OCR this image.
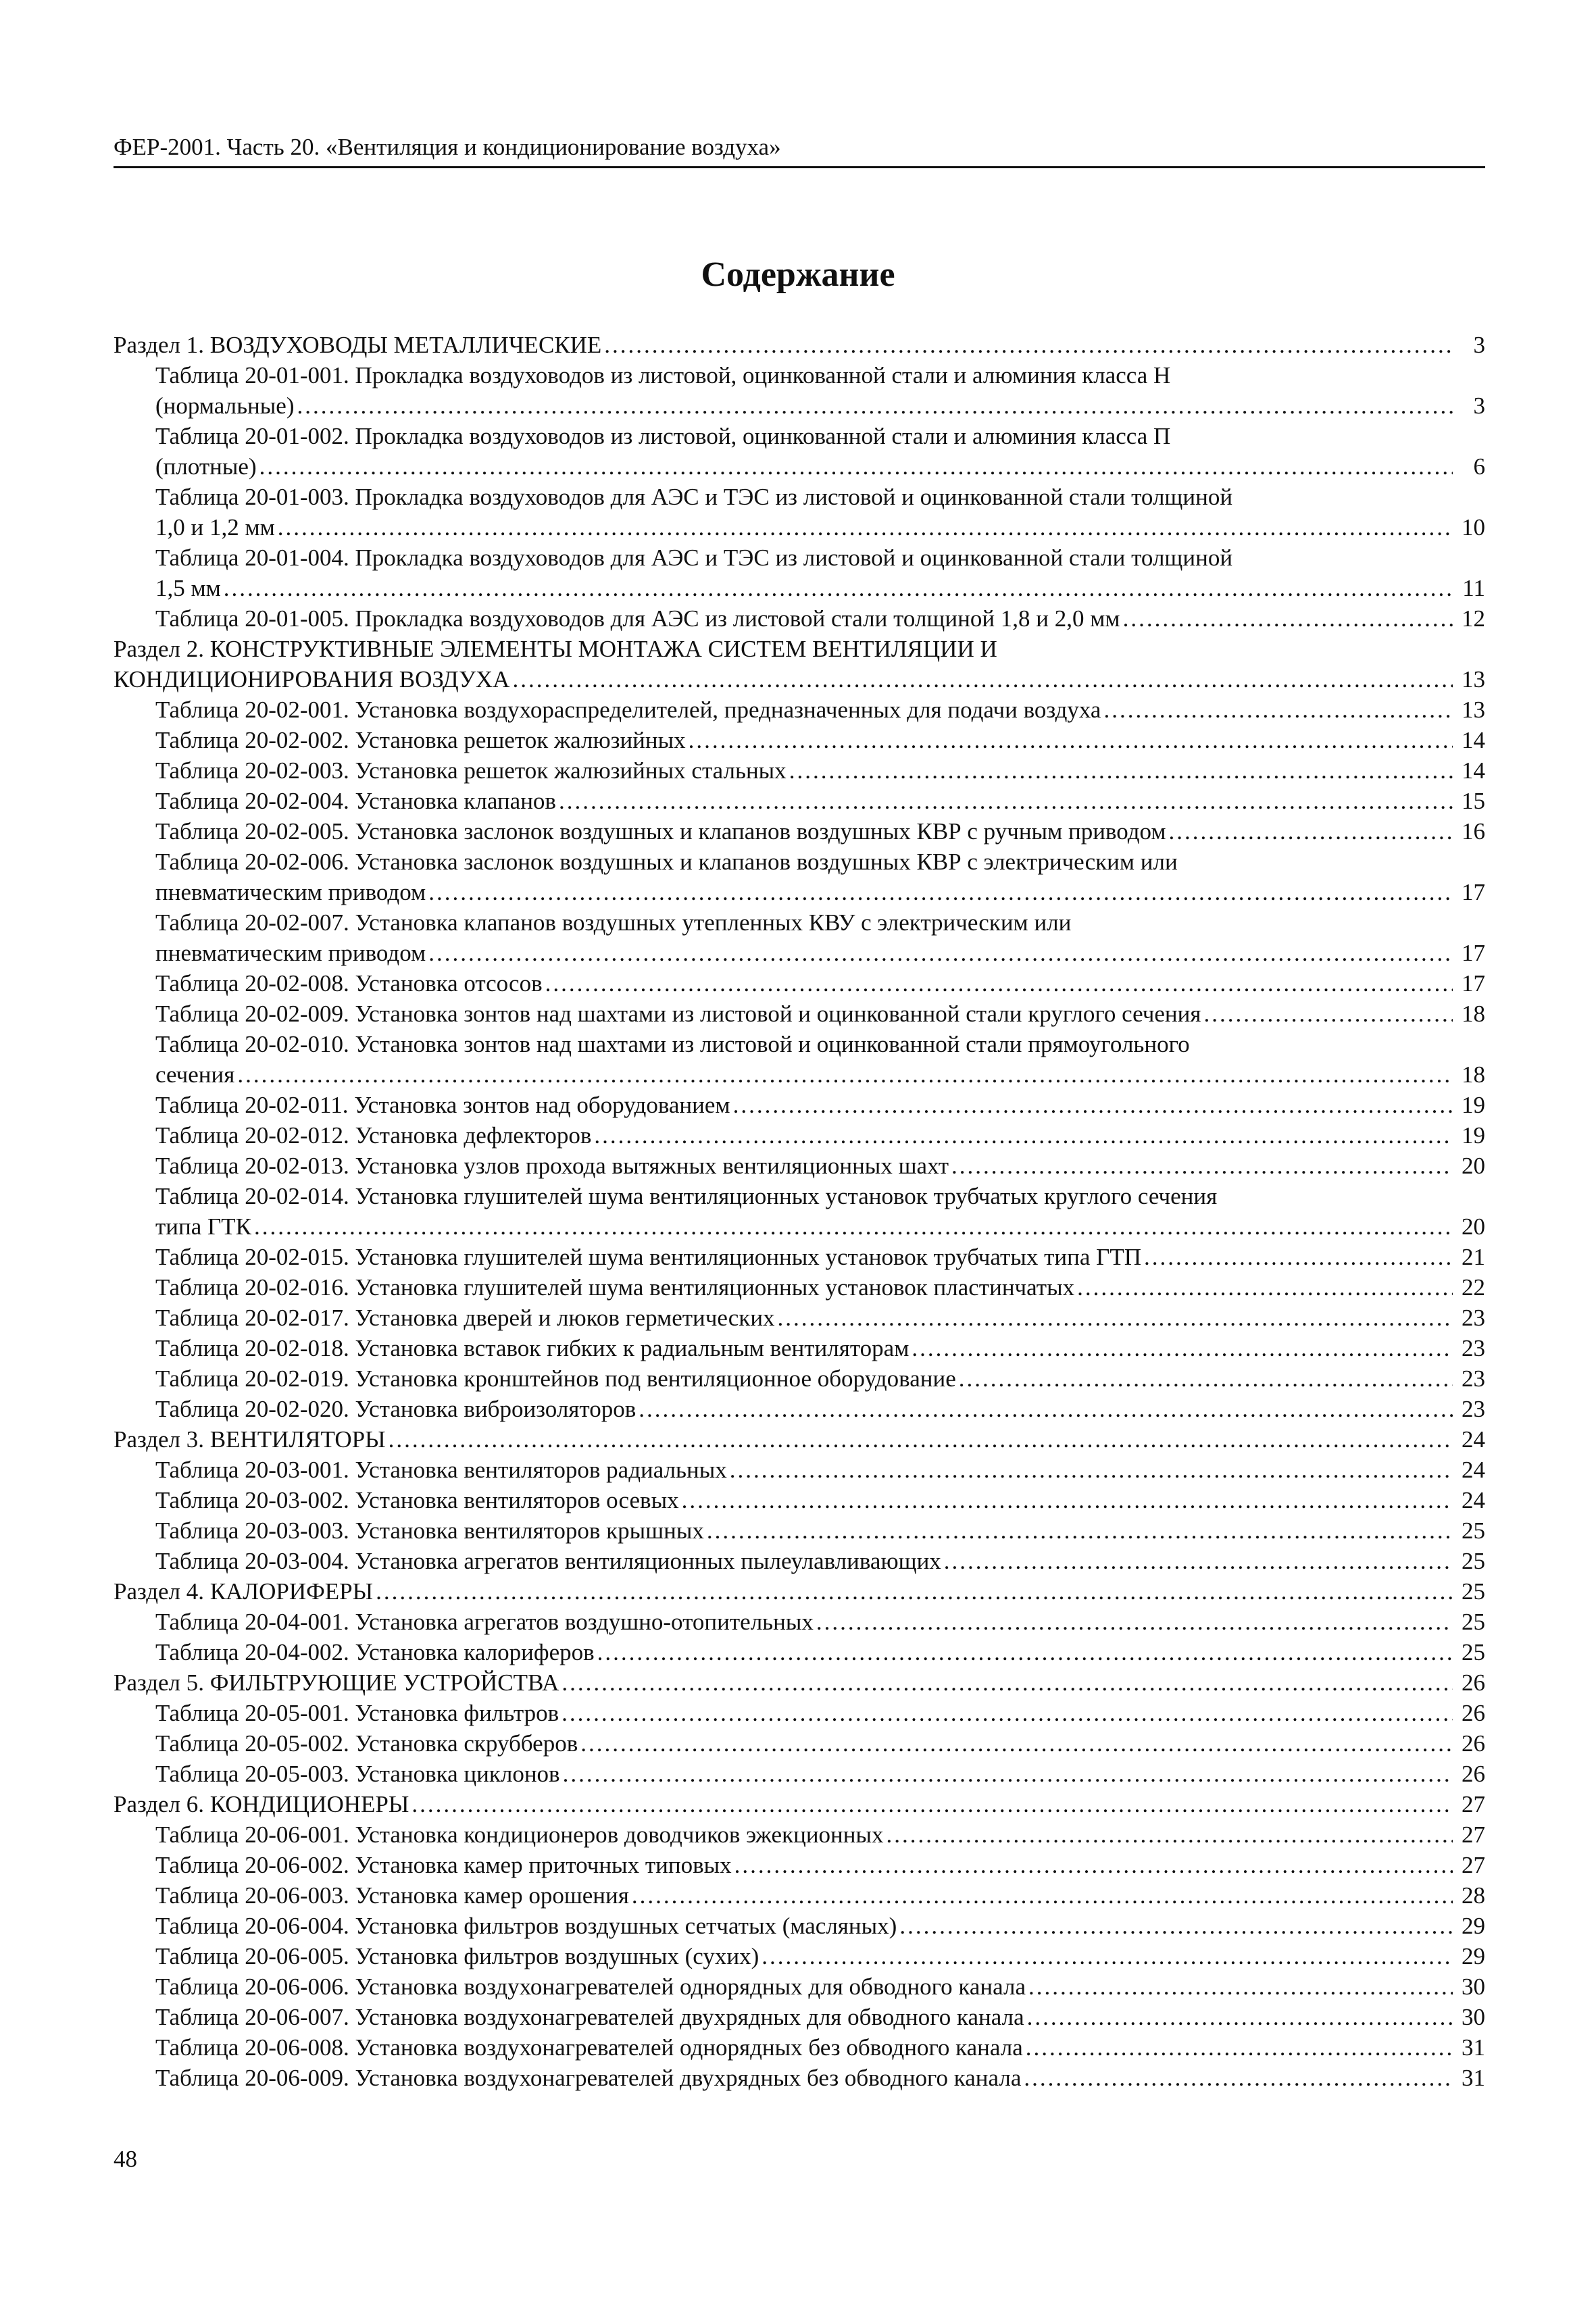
ФЕР-2001. Часть 20. «Вентиляция и кондиционирование воздуха»
Содержание
Раздел 1. ВОЗДУХОВОДЫ МЕТАЛЛИЧЕСКИЕ .....	3
Таблица 20-01-001. Прокладка воздуховодов из листовой, оцинкованной стали и алюминия класса Н
(нормальные) .....	3
Таблица 20-01-002. Прокладка воздуховодов из листовой, оцинкованной стали и алюминия класса П
(плотные) .....	6
Таблица 20-01-003. Прокладка воздуховодов для АЭС и ТЭС из листовой и оцинкованной стали толщиной
1,0 и 1,2 мм .....	10
Таблица 20-01-004. Прокладка воздуховодов для АЭС и ТЭС из листовой и оцинкованной стали толщиной
1,5 мм .....	11
Таблица 20-01-005. Прокладка воздуховодов для АЭС из листовой стали толщиной 1,8 и 2,0 мм .....	12
Раздел 2. КОНСТРУКТИВНЫЕ ЭЛЕМЕНТЫ МОНТАЖА СИСТЕМ ВЕНТИЛЯЦИИ И
КОНДИЦИОНИРОВАНИЯ ВОЗДУХА .....	13
Таблица 20-02-001. Установка воздухораспределителей, предназначенных для подачи воздуха .....	13
Таблица 20-02-002. Установка решеток жалюзийных .....	14
Таблица 20-02-003. Установка решеток жалюзийных стальных .....	14
Таблица 20-02-004. Установка клапанов .....	15
Таблица 20-02-005. Установка заслонок воздушных и клапанов воздушных КВР с ручным приводом .....	16
Таблица 20-02-006. Установка заслонок воздушных и клапанов воздушных КВР с электрическим или
пневматическим приводом .....	17
Таблица 20-02-007. Установка клапанов воздушных утепленных КВУ с электрическим или
пневматическим приводом .....	17
Таблица 20-02-008. Установка отсосов .....	17
Таблица 20-02-009. Установка зонтов над шахтами из листовой и оцинкованной стали круглого сечения .....	18
Таблица 20-02-010. Установка зонтов над шахтами из листовой и оцинкованной стали прямоугольного
сечения .....	18
Таблица 20-02-011. Установка зонтов над оборудованием .....	19
Таблица 20-02-012. Установка дефлекторов .....	19
Таблица 20-02-013. Установка узлов прохода вытяжных вентиляционных шахт .....	20
Таблица 20-02-014. Установка глушителей шума вентиляционных установок трубчатых круглого сечения
типа ГТК .....	20
Таблица 20-02-015. Установка глушителей шума вентиляционных установок трубчатых типа ГТП .....	21
Таблица 20-02-016. Установка глушителей шума вентиляционных установок пластинчатых .....	22
Таблица 20-02-017. Установка дверей и люков герметических .....	23
Таблица 20-02-018. Установка вставок гибких к радиальным вентиляторам .....	23
Таблица 20-02-019. Установка кронштейнов под вентиляционное оборудование .....	23
Таблица 20-02-020. Установка виброизоляторов .....	23
Раздел 3. ВЕНТИЛЯТОРЫ .....	24
Таблица 20-03-001. Установка вентиляторов радиальных .....	24
Таблица 20-03-002. Установка вентиляторов осевых .....	24
Таблица 20-03-003. Установка вентиляторов крышных .....	25
Таблица 20-03-004. Установка агрегатов вентиляционных пылеулавливающих .....	25
Раздел 4. КАЛОРИФЕРЫ .....	25
Таблица 20-04-001. Установка агрегатов воздушно-отопительных .....	25
Таблица 20-04-002. Установка калориферов .....	25
Раздел 5. ФИЛЬТРУЮЩИЕ УСТРОЙСТВА .....	26
Таблица 20-05-001. Установка фильтров .....	26
Таблица 20-05-002. Установка скрубберов .....	26
Таблица 20-05-003. Установка циклонов .....	26
Раздел 6. КОНДИЦИОНЕРЫ .....	27
Таблица 20-06-001. Установка кондиционеров доводчиков эжекционных .....	27
Таблица 20-06-002. Установка камер приточных типовых .....	27
Таблица 20-06-003. Установка камер орошения .....	28
Таблица 20-06-004. Установка фильтров воздушных сетчатых (масляных) .....	29
Таблица 20-06-005. Установка фильтров воздушных (сухих) .....	29
Таблица 20-06-006. Установка воздухонагревателей однорядных для обводного канала .....	30
Таблица 20-06-007. Установка воздухонагревателей двухрядных для обводного канала .....	30
Таблица 20-06-008. Установка воздухонагревателей однорядных без обводного канала .....	31
Таблица 20-06-009. Установка воздухонагревателей двухрядных без обводного канала .....	31
48
